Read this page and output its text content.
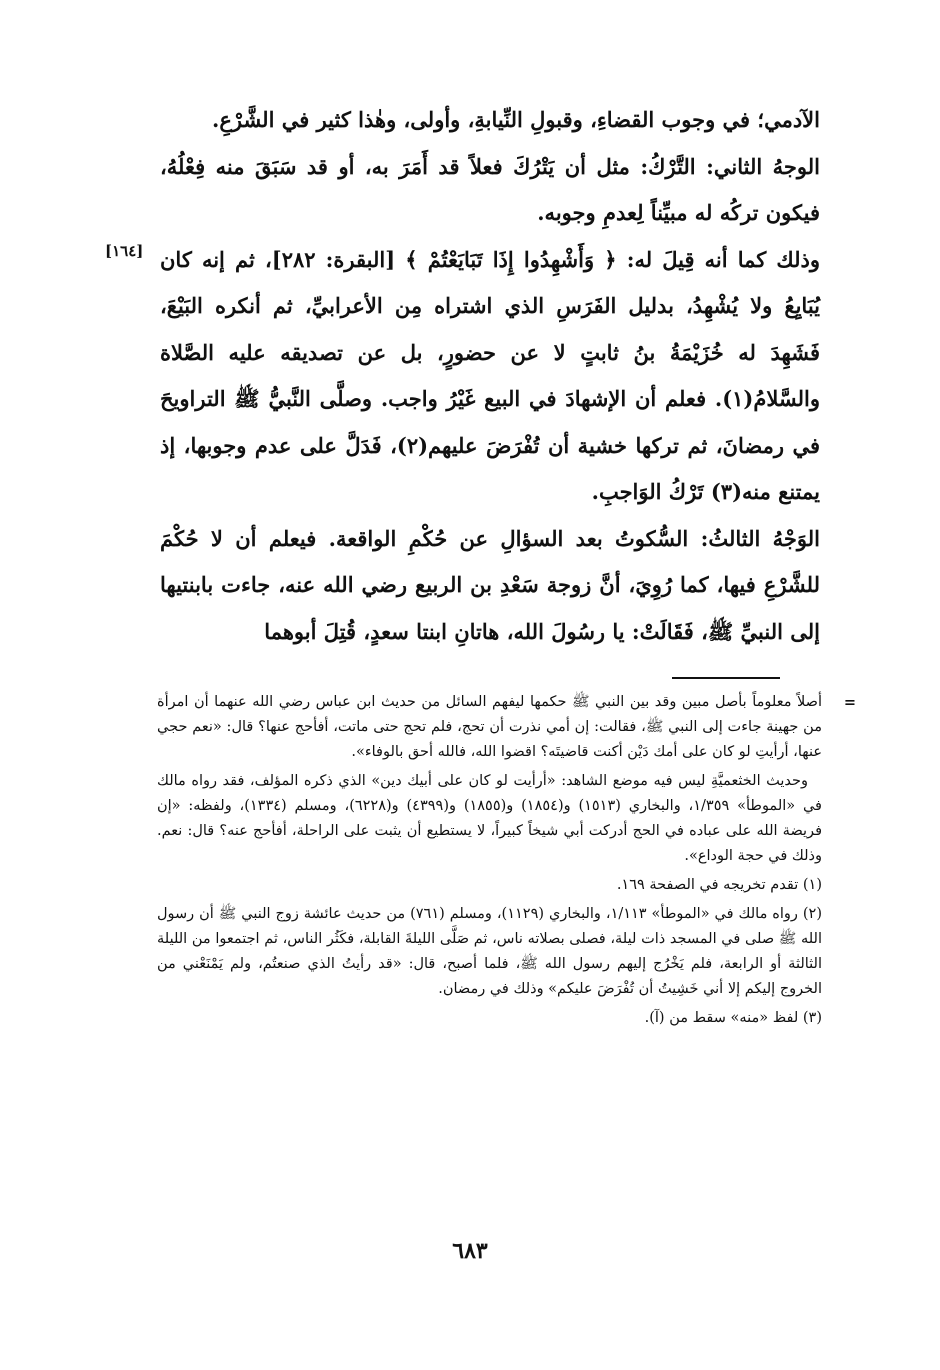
الآدمي؛ في وجوب القضاءِ، وقبولِ النِّيابةِ، وأولى، وهٰذا كثير في الشَّرْعِ.

الوجهُ الثاني: التَّرْكُ: مثل أن يَتْرُكَ فعلاً قد أَمَرَ به، أو قد سَبَقَ منه فِعْلُهُ، فيكون تركُه له مبيِّناً لِعدمِ وجوبه.

وذلك كما أنه قِيلَ له: ﴿ وَأَشْهِدُوا إِذَا تَبَايَعْتُمْ ﴾ [البقرة: ٢٨٢]، ثم إنه كان يُبَايِعُ ولا يُشْهِدُ، بدليل الفَرَسِ الذي اشتراه مِن الأعرابيِّ، ثم أنكره البَيْعَ، فَشَهِدَ له خُزَيْمَةُ بنُ ثابتٍ لا عن حضورٍ، بل عن تصديقه عليه الصَّلاة والسَّلامُ(١). فعلم أن الإشهادَ في البيع غَيْرُ واجب. وصلَّى النَّبيُّ ﷺ التراويحَ في رمضانَ، ثم تركها خشية أن تُفْرَضَ عليهم(٢)، فَدَلَّ على عدم وجوبها، إذ يمتنع منه(٣) تَرْكُ الوَاجبِ.

الوَجْهُ الثالثُ: السُّكوتُ بعد السؤالِ عن حُكْمِ الواقعة. فيعلم أن لا حُكْمَ للشَّرْعِ فيها، كما رُوِيَ، أنَّ زوجة سَعْدِ بن الربيع رضي الله عنه، جاءت بابنتيها إلى النبيِّ ﷺ، فَقَالَتْ: يا رسُولَ الله، هاتانِ ابنتا سعدٍ، قُتِلَ أبوهما

[١٦٤]

=
أصلاً معلوماً بأصل مبين وقد بين النبي ﷺ حكمها ليفهم السائل من حديث ابن عباس رضي الله عنهما أن امرأة من جهينة جاءت إلى النبي ﷺ، فقالت: إن أمي نذرت أن تحج، فلم تحج حتى ماتت، أفأحج عنها؟ قال: «نعم حجي عنها، أرأيتِ لو كان على أمك دَيْن أكنت قاضيتَه؟ اقضوا الله، فالله أحق بالوفاء».

وحديث الخثعميَّةِ ليس فيه موضع الشاهد: «أرأيت لو كان على أبيك دين» الذي ذكره المؤلف، فقد رواه مالك في «الموطأ» ١/٣٥٩، والبخاري (١٥١٣) و(١٨٥٤) و(١٨٥٥) و(٤٣٩٩) و(٦٢٢٨)، ومسلم (١٣٣٤)، ولفظه: «إن فريضة الله على عباده في الحج أدركت أبي شيخاً كبيراً، لا يستطيع أن يثبت على الراحلة، أفأحج عنه؟ قال: نعم. وذلك في حجة الوداع».

(١) تقدم تخريجه في الصفحة ١٦٩.

(٢) رواه مالك في «الموطأ» ١/١١٣، والبخاري (١١٢٩)، ومسلم (٧٦١) من حديث عائشة زوج النبي ﷺ أن رسول الله ﷺ صلى في المسجد ذات ليلة، فصلى بصلاته ناس، ثم صَلَّى الليلةَ القابلة، فكَثُر الناس، ثم اجتمعوا من الليلة الثالثة أو الرابعة، فلم يَخْرُج إليهم رسول الله ﷺ، فلما أصبح، قال: «قد رأيتُ الذي صنعتُم، ولم يَمْنَعْني من الخروج إليكم إلا أني خَشِيتُ أن تُفْرَضَ عليكم» وذلك في رمضان.

(٣) لفظ «منه» سقط من (آ).

٦٨٣
